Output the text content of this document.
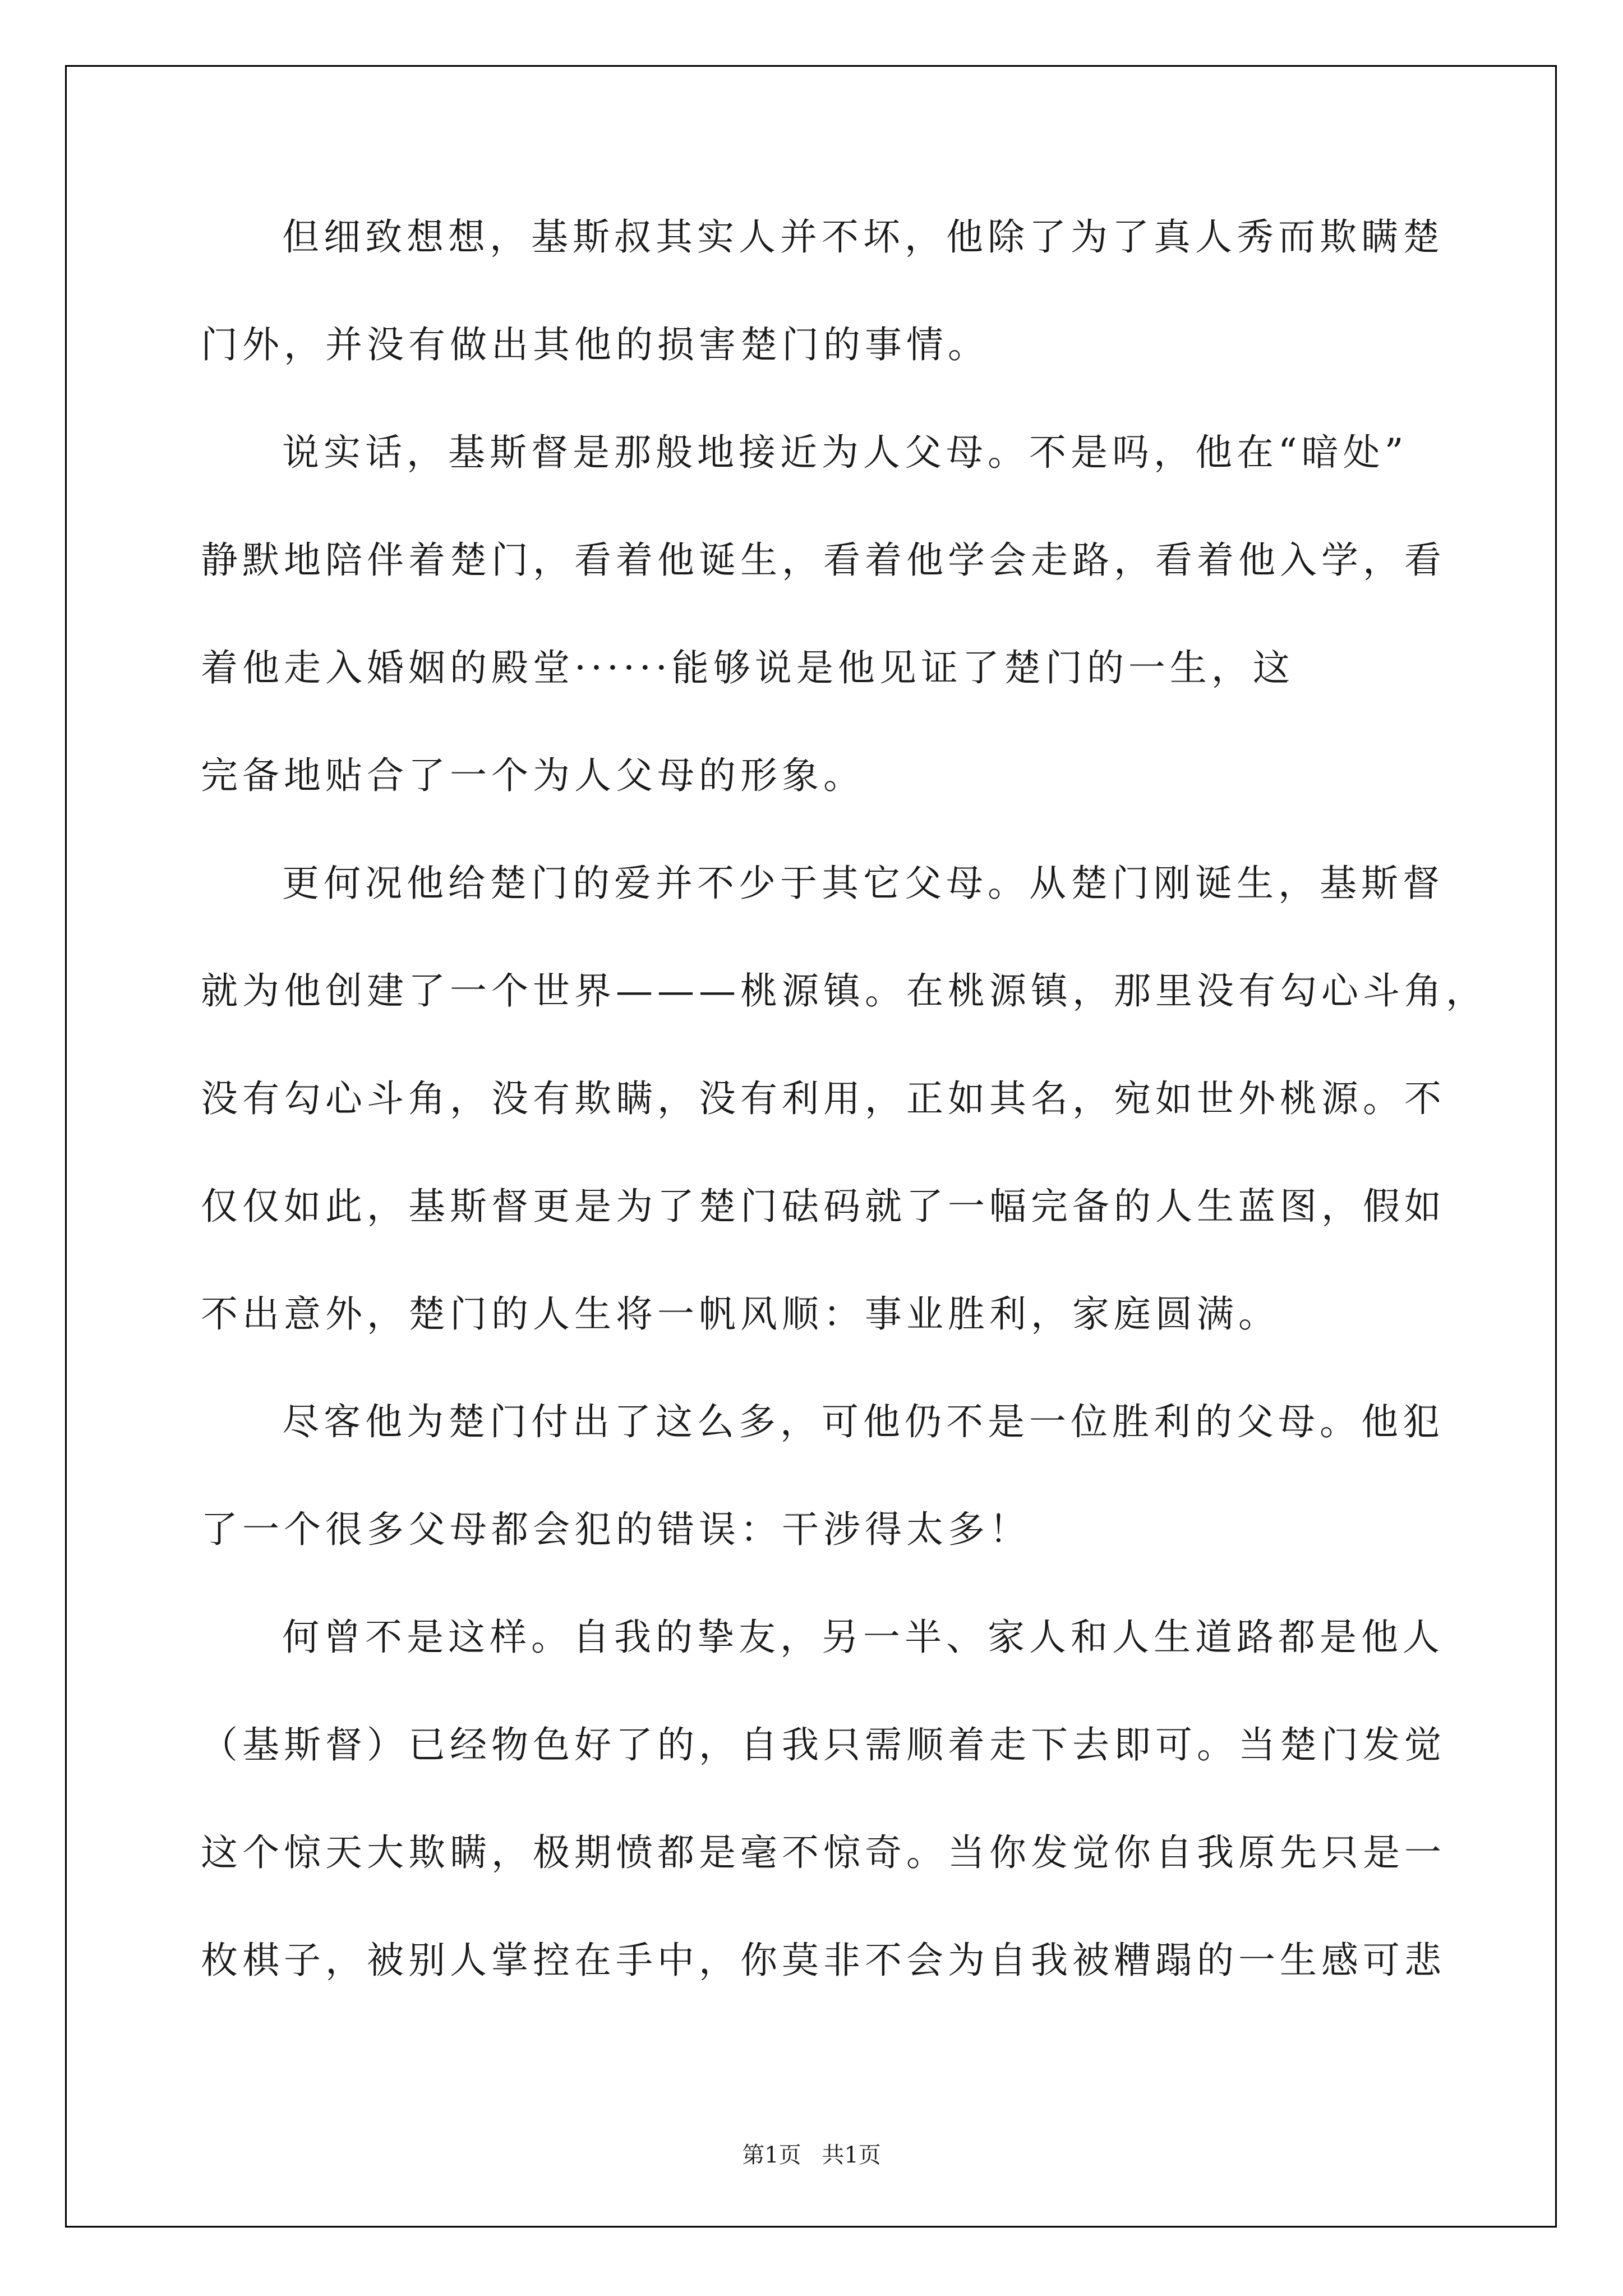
但细致想想，基斯叔其实人并不坏，他除了为了真人秀而欺瞒楚
门外，并没有做出其他的损害楚门的事情。
说实话，基斯督是那般地接近为人父母。不是吗，他在“暗处”
静默地陪伴着楚门，看着他诞生，看着他学会走路，看着他入学，看
着他走入婚姻的殿堂······能够说是他见证了楚门的一生，这
完备地贴合了一个为人父母的形象。
更何况他给楚门的爱并不少于其它父母。从楚门刚诞生，基斯督
就为他创建了一个世界———桃源镇。在桃源镇，那里没有勾心斗角，
没有勾心斗角，没有欺瞒，没有利用，正如其名，宛如世外桃源。不
仅仅如此，基斯督更是为了楚门砝码就了一幅完备的人生蓝图，假如
不出意外，楚门的人生将一帆风顺：事业胜利，家庭圆满。
尽客他为楚门付出了这么多，可他仍不是一位胜利的父母。他犯
了一个很多父母都会犯的错误：干涉得太多！
何曾不是这样。自我的挚友，另一半、家人和人生道路都是他人
（基斯督）已经物色好了的，自我只需顺着走下去即可。当楚门发觉
这个惊天大欺瞒，极期愤都是毫不惊奇。当你发觉你自我原先只是一
枚棋子，被别人掌控在手中，你莫非不会为自我被糟蹋的一生感可悲
第1页 共1页
